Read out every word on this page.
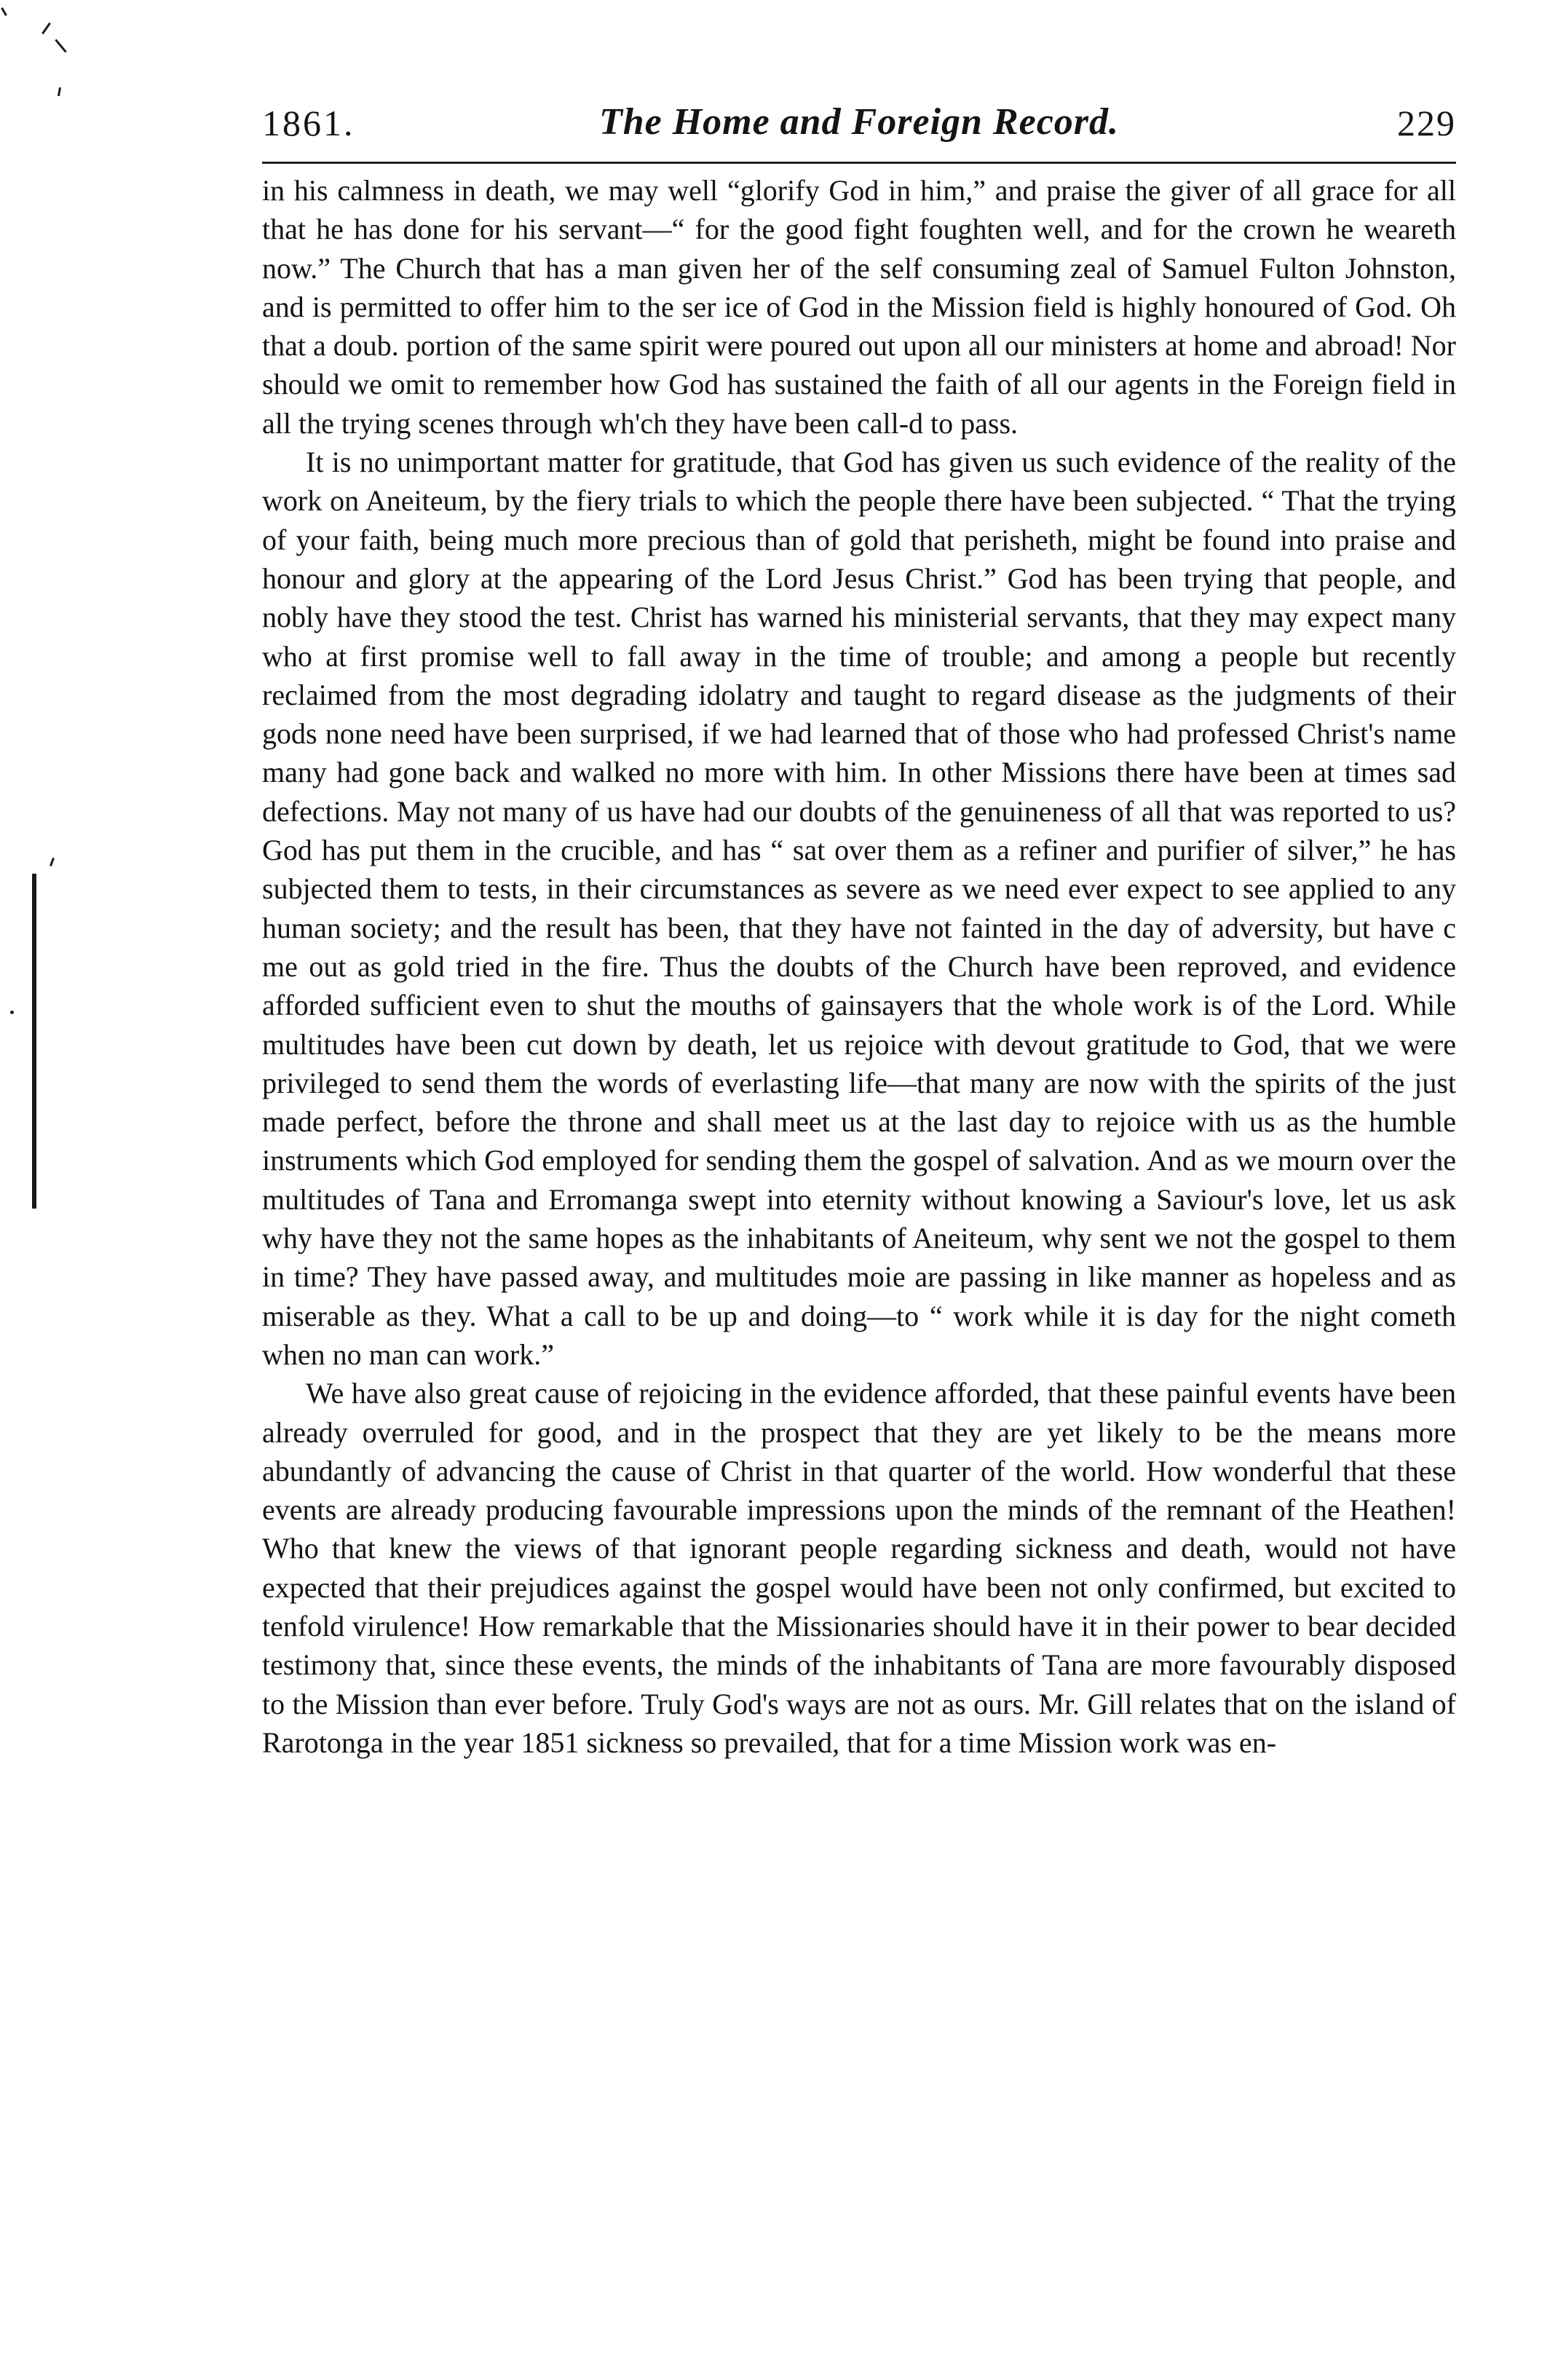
1861.	The Home and Foreign Record.	229

in his calmness in death, we may well “glorify God in him,” and praise the giver of all grace for all that he has done for his servant—“ for the good fight foughten well, and for the crown he weareth now.” The Church that has a man given her of the self consuming zeal of Samuel Fulton Johnston, and is permitted to offer him to the ser ice of God in the Mission field is highly honoured of God. Oh that a doub. portion of the same spirit were poured out upon all our ministers at home and abroad! Nor should we omit to remember how God has sustained the faith of all our agents in the Foreign field in all the trying scenes through wh'ch they have been call-d to pass.

It is no unimportant matter for gratitude, that God has given us such evidence of the reality of the work on Aneiteum, by the fiery trials to which the people there have been subjected. “ That the trying of your faith, being much more precious than of gold that perisheth, might be found into praise and honour and glory at the appearing of the Lord Jesus Christ.” God has been trying that people, and nobly have they stood the test. Christ has warned his ministerial servants, that they may expect many who at first promise well to fall away in the time of trouble; and among a people but recently reclaimed from the most degrading idolatry and taught to regard disease as the judgments of their gods none need have been surprised, if we had learned that of those who had professed Christ's name many had gone back and walked no more with him. In other Missions there have been at times sad defections. May not many of us have had our doubts of the genuineness of all that was reported to us? God has put them in the crucible, and has “ sat over them as a refiner and purifier of silver,” he has subjected them to tests, in their circumstances as severe as we need ever expect to see applied to any human society; and the result has been, that they have not fainted in the day of adversity, but have c me out as gold tried in the fire. Thus the doubts of the Church have been reproved, and evidence afforded sufficient even to shut the mouths of gainsayers that the whole work is of the Lord. While multitudes have been cut down by death, let us rejoice with devout gratitude to God, that we were privileged to send them the words of everlasting life—that many are now with the spirits of the just made perfect, before the throne and shall meet us at the last day to rejoice with us as the humble instruments which God employed for sending them the gospel of salvation. And as we mourn over the multitudes of Tana and Erromanga swept into eternity without knowing a Saviour's love, let us ask why have they not the same hopes as the inhabitants of Aneiteum, why sent we not the gospel to them in time? They have passed away, and multitudes moie are passing in like manner as hopeless and as miserable as they. What a call to be up and doing—to “ work while it is day for the night cometh when no man can work.”

We have also great cause of rejoicing in the evidence afforded, that these painful events have been already overruled for good, and in the prospect that they are yet likely to be the means more abundantly of advancing the cause of Christ in that quarter of the world. How wonderful that these events are already producing favourable impressions upon the minds of the remnant of the Heathen! Who that knew the views of that ignorant people regarding sickness and death, would not have expected that their prejudices against the gospel would have been not only confirmed, but excited to tenfold virulence! How remarkable that the Missionaries should have it in their power to bear decided testimony that, since these events, the minds of the inhabitants of Tana are more favourably disposed to the Mission than ever before. Truly God's ways are not as ours. Mr. Gill relates that on the island of Rarotonga in the year 1851 sickness so prevailed, that for a time Mission work was en-
